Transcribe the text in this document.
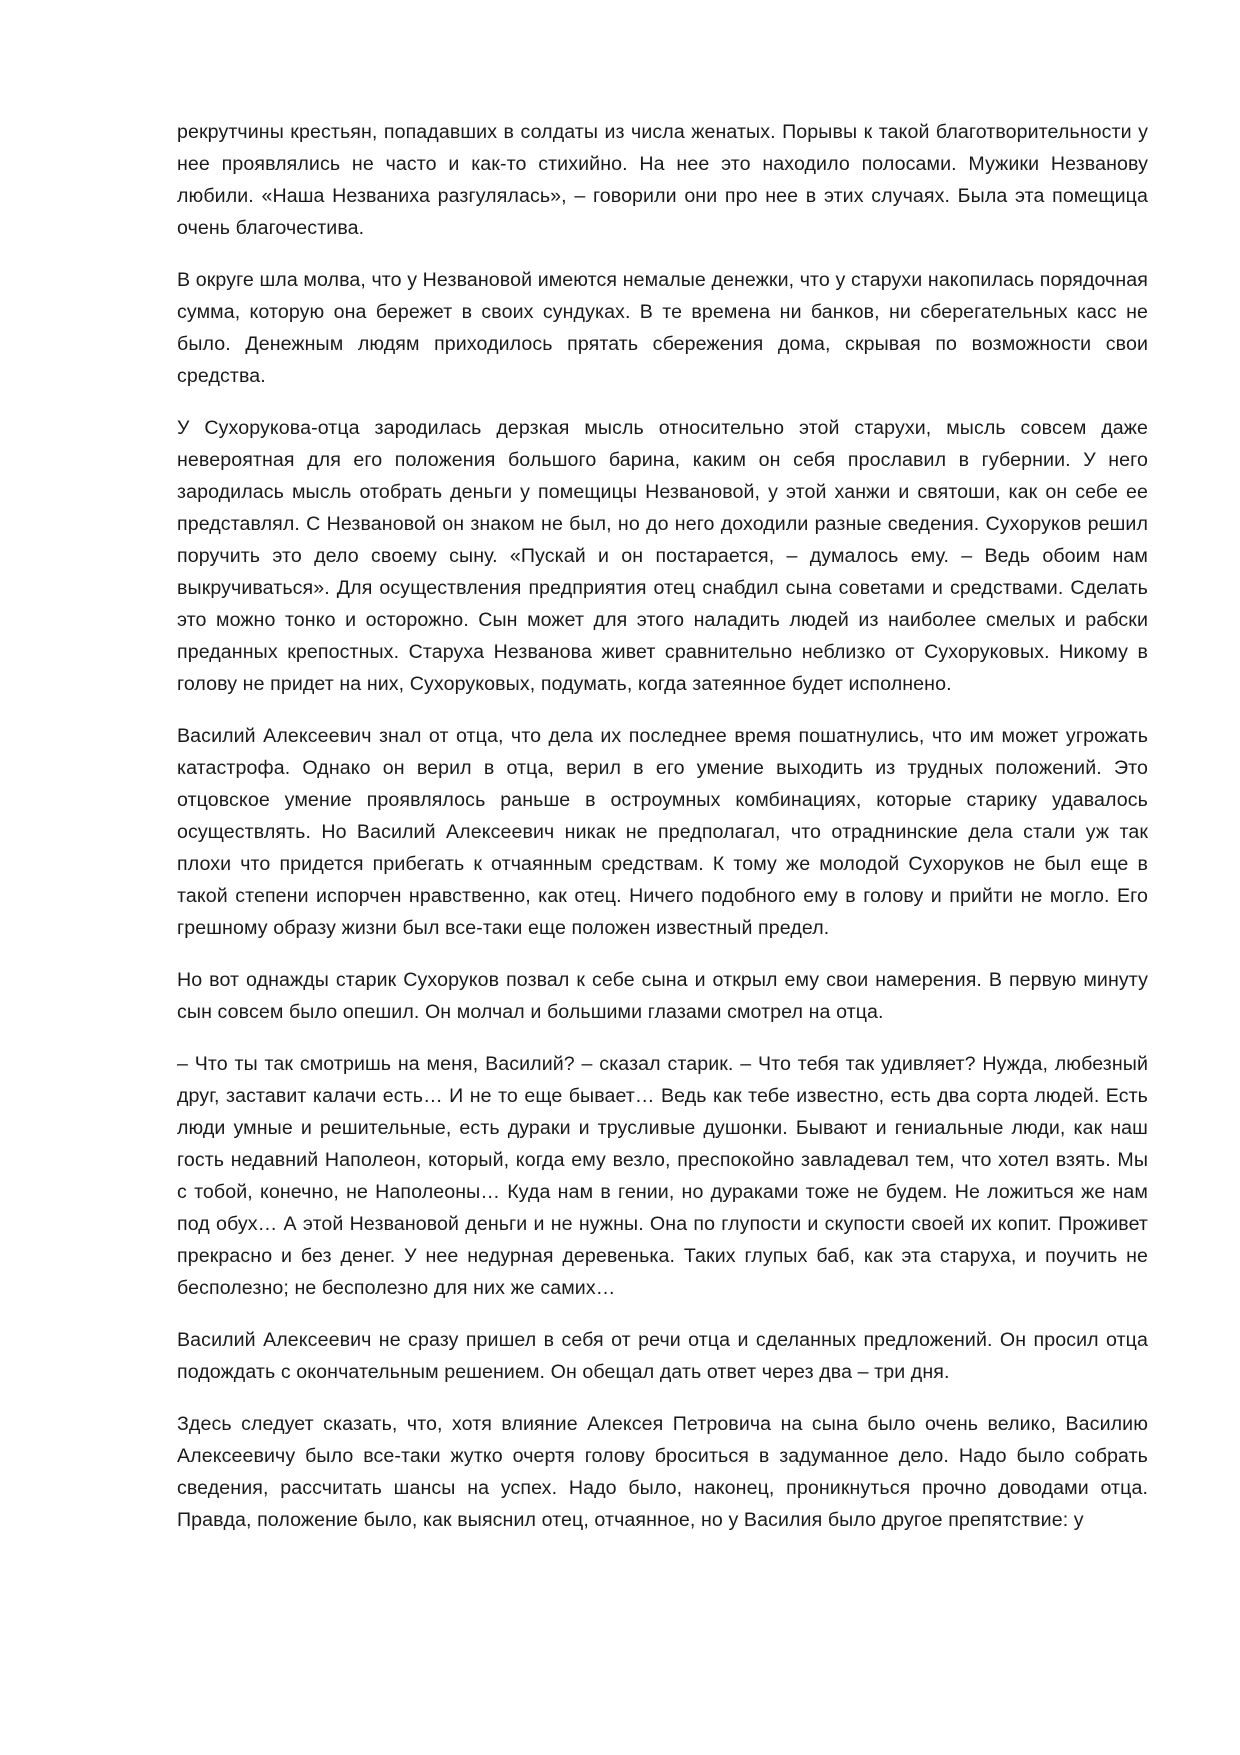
рекрутчины крестьян, попадавших в солдаты из числа женатых. Порывы к такой благотворительности у нее проявлялись не часто и как-то стихийно. На нее это находило полосами. Мужики Незванову любили. «Наша Незваниха разгулялась», – говорили они про нее в этих случаях. Была эта помещица очень благочестива.

В округе шла молва, что у Незвановой имеются немалые денежки, что у старухи накопилась порядочная сумма, которую она бережет в своих сундуках. В те времена ни банков, ни сберегательных касс не было. Денежным людям приходилось прятать сбережения дома, скрывая по возможности свои средства.

У Сухорукова-отца зародилась дерзкая мысль относительно этой старухи, мысль совсем даже невероятная для его положения большого барина, каким он себя прославил в губернии. У него зародилась мысль отобрать деньги у помещицы Незвановой, у этой ханжи и святоши, как он себе ее представлял. С Незвановой он знаком не был, но до него доходили разные сведения. Сухоруков решил поручить это дело своему сыну. «Пускай и он постарается, – думалось ему. – Ведь обоим нам выкручиваться». Для осуществления предприятия отец снабдил сына советами и средствами. Сделать это можно тонко и осторожно. Сын может для этого наладить людей из наиболее смелых и рабски преданных крепостных. Старуха Незванова живет сравнительно неблизко от Сухоруковых. Никому в голову не придет на них, Сухоруковых, подумать, когда затеянное будет исполнено.

Василий Алексеевич знал от отца, что дела их последнее время пошатнулись, что им может угрожать катастрофа. Однако он верил в отца, верил в его умение выходить из трудных положений. Это отцовское умение проявлялось раньше в остроумных комбинациях, которые старику удавалось осуществлять. Но Василий Алексеевич никак не предполагал, что отраднинские дела стали уж так плохи что придется прибегать к отчаянным средствам. К тому же молодой Сухоруков не был еще в такой степени испорчен нравственно, как отец. Ничего подобного ему в голову и прийти не могло. Его грешному образу жизни был все-таки еще положен известный предел.

Но вот однажды старик Сухоруков позвал к себе сына и открыл ему свои намерения. В первую минуту сын совсем было опешил. Он молчал и большими глазами смотрел на отца.

– Что ты так смотришь на меня, Василий? – сказал старик. – Что тебя так удивляет? Нужда, любезный друг, заставит калачи есть… И не то еще бывает… Ведь как тебе известно, есть два сорта людей. Есть люди умные и решительные, есть дураки и трусливые душонки. Бывают и гениальные люди, как наш гость недавний Наполеон, который, когда ему везло, преспокойно завладевал тем, что хотел взять. Мы с тобой, конечно, не Наполеоны… Куда нам в гении, но дураками тоже не будем. Не ложиться же нам под обух… А этой Незвановой деньги и не нужны. Она по глупости и скупости своей их копит. Проживет прекрасно и без денег. У нее недурная деревенька. Таких глупых баб, как эта старуха, и поучить не бесполезно; не бесполезно для них же самих…

Василий Алексеевич не сразу пришел в себя от речи отца и сделанных предложений. Он просил отца подождать с окончательным решением. Он обещал дать ответ через два – три дня.

Здесь следует сказать, что, хотя влияние Алексея Петровича на сына было очень велико, Василию Алексеевичу было все-таки жутко очертя голову броситься в задуманное дело. Надо было собрать сведения, рассчитать шансы на успех. Надо было, наконец, проникнуться прочно доводами отца. Правда, положение было, как выяснил отец, отчаянное, но у Василия было другое препятствие: у
